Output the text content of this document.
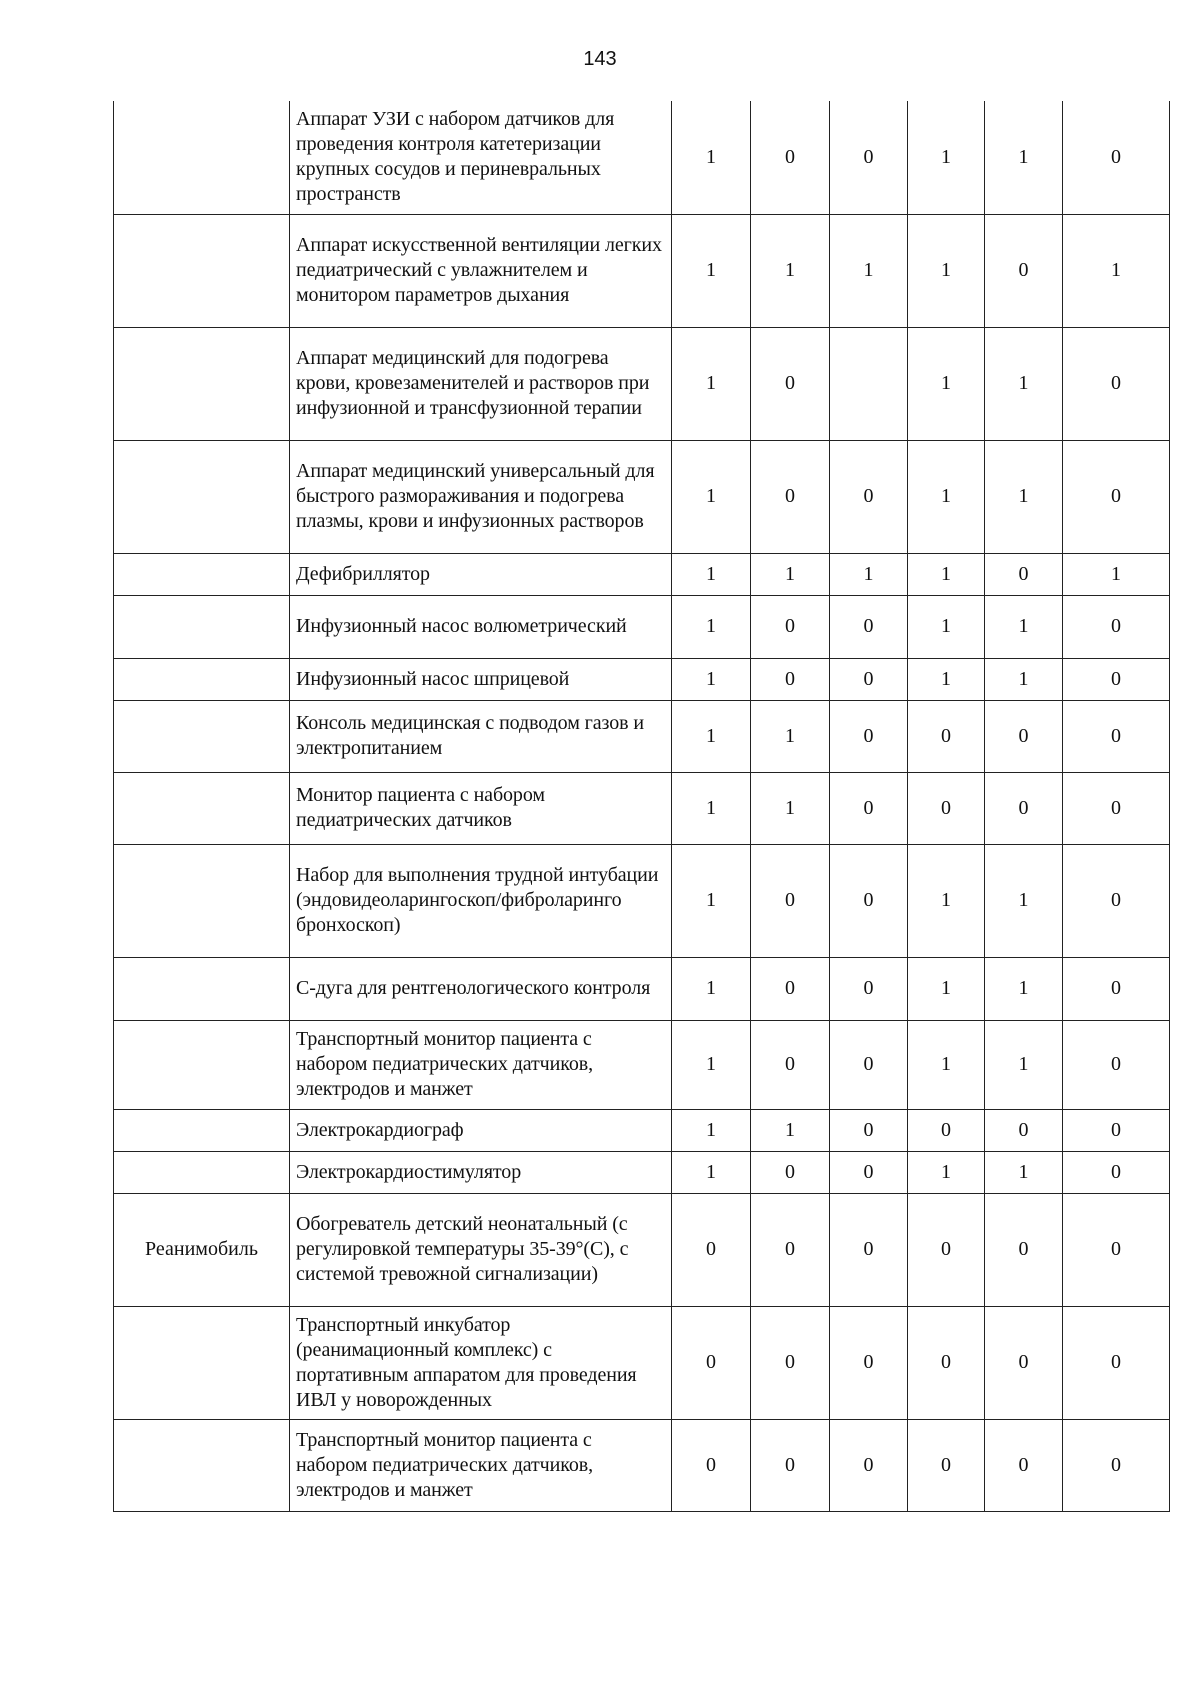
143
	Аппарат УЗИ с набором датчиков для проведения контроля катетеризации крупных сосудов и периневральных пространств	1	0	0	1	1	0
	Аппарат искусственной вентиляции легких педиатрический с увлажнителем и монитором параметров дыхания	1	1	1	1	0	1
	Аппарат медицинский для подогрева крови, кровезаменителей и растворов при инфузионной и трансфузионной терапии	1	0		1	1	0
	Аппарат медицинский универсальный для быстрого размораживания и подогрева плазмы, крови и инфузионных растворов	1	0	0	1	1	0
	Дефибриллятор	1	1	1	1	0	1
	Инфузионный насос волюметрический	1	0	0	1	1	0
	Инфузионный насос шприцевой	1	0	0	1	1	0
	Консоль медицинская с подводом газов и электропитанием	1	1	0	0	0	0
	Монитор пациента с набором педиатрических датчиков	1	1	0	0	0	0
	Набор для выполнения трудной интубации (эндовидеоларингоскоп/фиброларинго бронхоскоп)	1	0	0	1	1	0
	С-дуга для рентгенологического контроля	1	0	0	1	1	0
	Транспортный монитор пациента с набором педиатрических датчиков, электродов и манжет	1	0	0	1	1	0
	Электрокардиограф	1	1	0	0	0	0
	Электрокардиостимулятор	1	0	0	1	1	0
Реанимобиль	Обогреватель детский неонатальный (с регулировкой температуры 35-39°(С), с системой тревожной сигнализации)	0	0	0	0	0	0
	Транспортный инкубатор (реанимационный комплекс) с портативным аппаратом для проведения ИВЛ у новорожденных	0	0	0	0	0	0
	Транспортный монитор пациента с набором педиатрических датчиков, электродов и манжет	0	0	0	0	0	0
